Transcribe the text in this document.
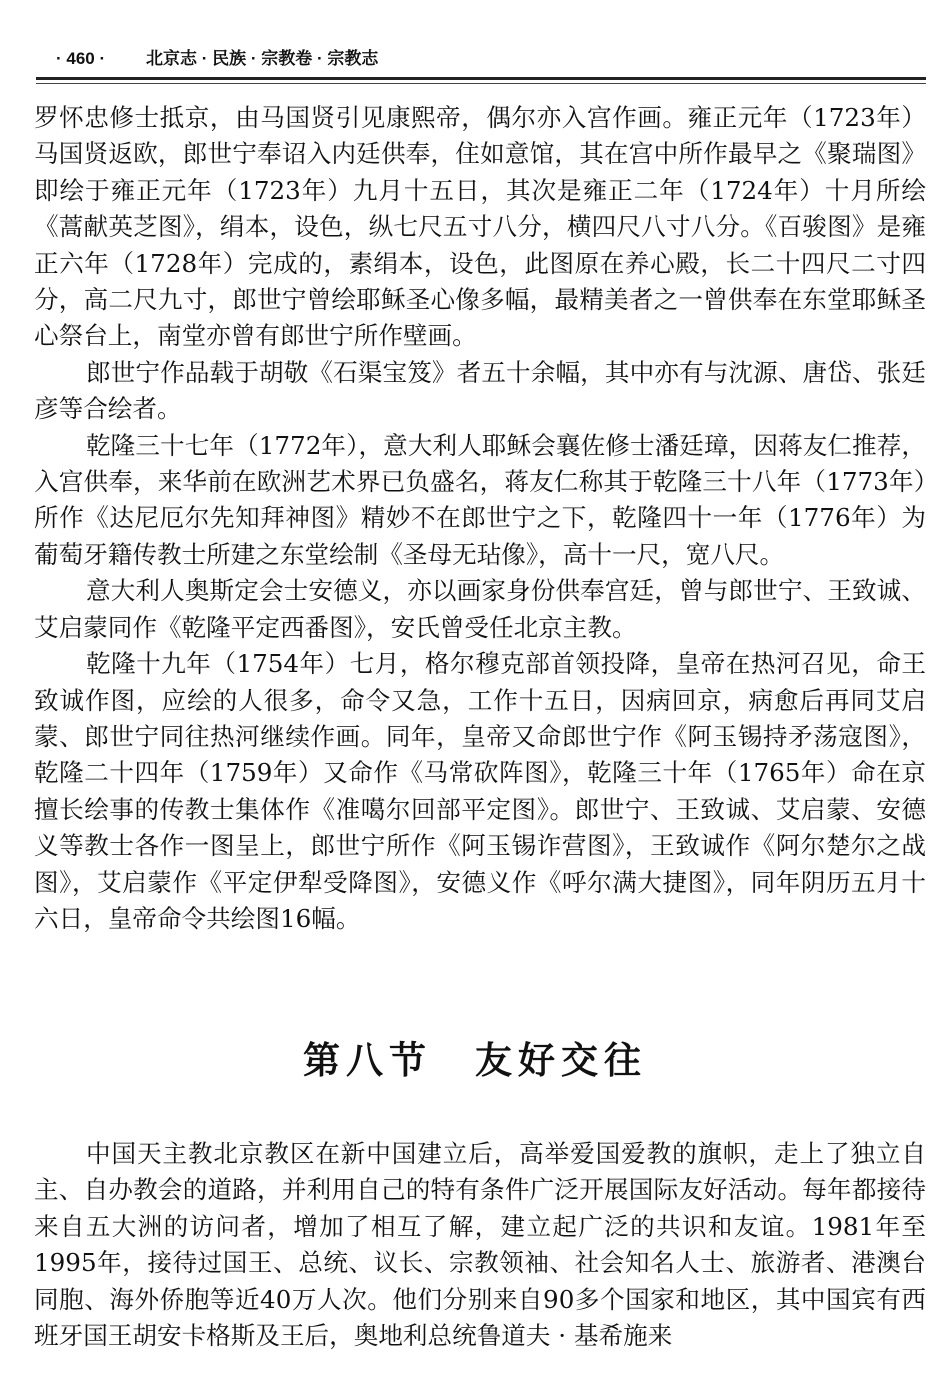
· 460 · 北京志 · 民族 · 宗教卷 · 宗教志

罗怀忠修士抵京，由马国贤引见康熙帝，偶尔亦入宫作画。雍正元年（1723年）马国贤返欧，郎世宁奉诏入内廷供奉，住如意馆，其在宫中所作最早之《聚瑞图》即绘于雍正元年（1723年）九月十五日，其次是雍正二年（1724年）十月所绘《蒿献英芝图》，绢本，设色，纵七尺五寸八分，横四尺八寸八分。《百骏图》是雍正六年（1728年）完成的，素绢本，设色，此图原在养心殿，长二十四尺二寸四分，高二尺九寸，郎世宁曾绘耶稣圣心像多幅，最精美者之一曾供奉在东堂耶稣圣心祭台上，南堂亦曾有郎世宁所作壁画。

郎世宁作品载于胡敬《石渠宝笈》者五十余幅，其中亦有与沈源、唐岱、张廷彦等合绘者。

乾隆三十七年（1772年），意大利人耶稣会襄佐修士潘廷璋，因蒋友仁推荐，入宫供奉，来华前在欧洲艺术界已负盛名，蒋友仁称其于乾隆三十八年（1773年）所作《达尼厄尔先知拜神图》精妙不在郎世宁之下，乾隆四十一年（1776年）为葡萄牙籍传教士所建之东堂绘制《圣母无玷像》，高十一尺，宽八尺。

意大利人奥斯定会士安德义，亦以画家身份供奉宫廷，曾与郎世宁、王致诚、艾启蒙同作《乾隆平定西番图》，安氏曾受任北京主教。

乾隆十九年（1754年）七月，格尔穆克部首领投降，皇帝在热河召见，命王致诚作图，应绘的人很多，命令又急，工作十五日，因病回京，病愈后再同艾启蒙、郎世宁同往热河继续作画。同年，皇帝又命郎世宁作《阿玉锡持矛荡寇图》，乾隆二十四年（1759年）又命作《马常砍阵图》，乾隆三十年（1765年）命在京擅长绘事的传教士集体作《准噶尔回部平定图》。郎世宁、王致诚、艾启蒙、安德义等教士各作一图呈上，郎世宁所作《阿玉锡诈营图》，王致诚作《阿尔楚尔之战图》，艾启蒙作《平定伊犁受降图》，安德义作《呼尔满大捷图》，同年阴历五月十六日，皇帝命令共绘图16幅。

第八节　友好交往

中国天主教北京教区在新中国建立后，高举爱国爱教的旗帜，走上了独立自主、自办教会的道路，并利用自己的特有条件广泛开展国际友好活动。每年都接待来自五大洲的访问者，增加了相互了解，建立起广泛的共识和友谊。1981年至1995年，接待过国王、总统、议长、宗教领袖、社会知名人士、旅游者、港澳台同胞、海外侨胞等近40万人次。他们分别来自90多个国家和地区，其中国宾有西班牙国王胡安卡格斯及王后，奥地利总统鲁道夫 · 基希施来
